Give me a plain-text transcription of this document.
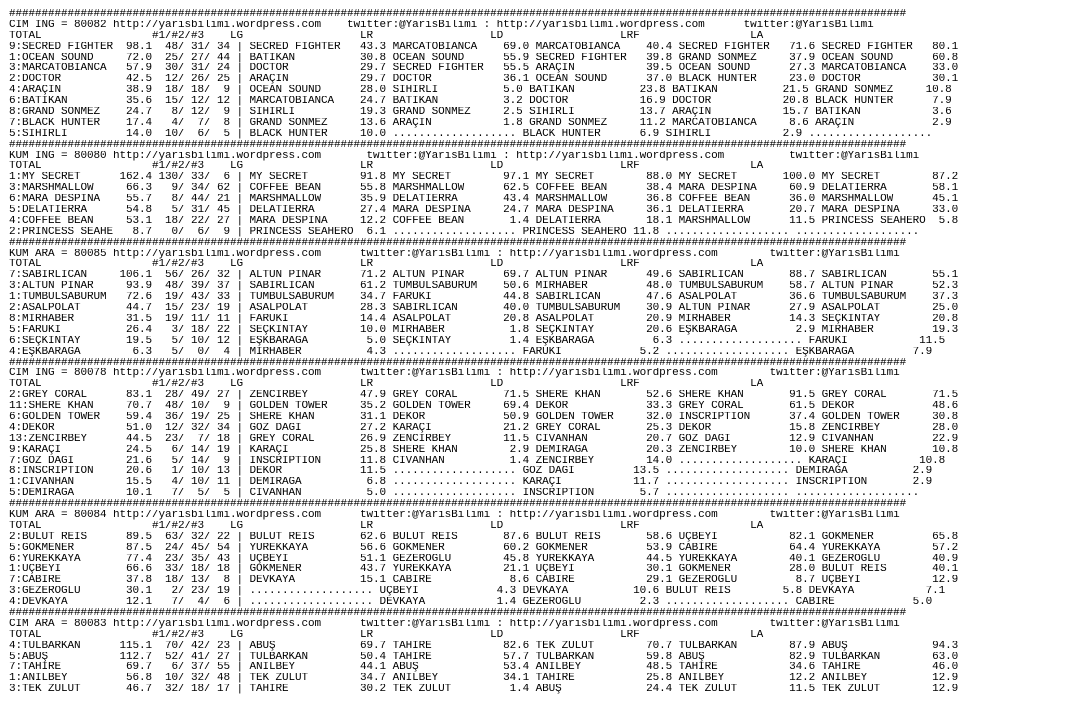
##########################################################################################################################################
CIM ING = 80082 http://yarisbilimi.wordpress.com    twitter:@YarisBilimi : http://yarisbilimi.wordpress.com      twitter:@YarisBilimi
TOTAL                 #1/#2/#3    LG                  LR                  LD                  LRF                 LA
9:SECRED FIGHTER  98.1  48/ 31/ 34 | SECRED FIGHTER   43.3 MARCATOBIANCA    69.0 MARCATOBIANCA    40.4 SECRED FIGHTER   71.6 SECRED FIGHTER   80.1
1:OCEAN SOUND     72.0  25/ 27/ 44 | BATIKAN          30.8 OCEAN SOUND      55.9 SECRED FIGHTER   39.8 GRAND SÖNMEZ     37.9 OCEAN SOUND      60.8
3:MARCATOBIANCA   57.9  30/ 31/ 24 | DOCTOR           29.7 SECRED FIGHTER   55.5 ARAÇIN           39.5 OCEAN SOUND      27.3 MARCATOBIANCA    33.0
2:DOCTOR          42.5  12/ 26/ 25 | ARAÇIN           29.7 DOCTOR           36.1 OCEAN SOUND      37.0 BLACK HUNTER     23.0 DOCTOR           30.1
4:ARAÇIN          38.9  18/ 18/  9 | OCEAN SOUND      28.0 SİHİRLİ          5.0 BATIKAN          23.8 BATIKAN          21.5 GRAND SÖNMEZ     10.8
6:BATIKAN         35.6  15/ 12/ 12 | MARCATOBIANCA    24.7 BATIKAN          3.2 DOCTOR           16.9 DOCTOR           20.8 BLACK HUNTER      7.9
8:GRAND SÖNMEZ    24.7   8/ 12/  9 | SİHİRLİ          19.3 GRAND SÖNMEZ     2.5 SİHİRLİ          13.7 ARAÇIN           15.7 BATIKAN           3.6
7:BLACK HUNTER    17.4   4/  7/  8 | GRAND SÖNMEZ     13.6 ARAÇIN           1.8 GRAND SÖNMEZ     11.2 MARCATOBIANCA     8.6 ARAÇIN            2.9
5:SİHİRLİ         14.0  10/  6/  5 | BLACK HUNTER     10.0 ................... BLACK HUNTER      6.9 SİHİRLİ           2.9 ...................
##########################################################################################################################################
KUM ING = 80080 http://yarisbilimi.wordpress.com       twitter:@YarisBilimi : http://yarisbilimi.wordpress.com          twitter:@YarisBilimi
TOTAL                 #1/#2/#3    LG                  LR                  LD                  LRF                 LA
1:MY SECRET      162.4 130/ 33/  6 | MY SECRET        91.8 MY SECRET        97.1 MY SECRET        88.0 MY SECRET       100.0 MY SECRET        87.2
3:MARSHMALLOW     66.3   9/ 34/ 62 | COFFEE BEAN      55.8 MARSHMALLOW      62.5 COFFEE BEAN      38.4 MARA DESPINA     60.9 DELATIERRA       58.1
6:MARA DESPINA    55.7   8/ 44/ 21 | MARSHMALLOW      35.9 DELATIERRA       43.4 MARSHMALLOW      36.8 COFFEE BEAN      36.0 MARSHMALLOW      45.1
5:DELATIERRA      54.8   5/ 31/ 45 | DELATIERRA       27.4 MARA DESPINA     24.7 MARA DESPINA     36.1 DELATIERRA       20.7 MARA DESPINA     33.0
4:COFFEE BEAN     53.1  18/ 22/ 27 | MARA DESPINA     12.2 COFFEE BEAN       1.4 DELATIERRA       18.1 MARSHMALLOW      11.5 PRINCESS SEAHERO  5.8
2:PRINCESS SEAHE   8.7   0/  6/  9 | PRINCESS SEAHERO  6.1 ................... PRINCESS SEAHERO 11.8 ................... ...................
##########################################################################################################################################
KUM ARA = 80085 http://yarisbilimi.wordpress.com      twitter:@YarisBilimi : http://yarisbilimi.wordpress.com        twitter:@YarisBilimi
TOTAL                 #1/#2/#3    LG                  LR                  LD                  LRF                 LA
7:SABIRLICAN     106.1  56/ 26/ 32 | ALTUN PINAR      71.2 ALTUN PINAR      69.7 ALTUN PINAR      49.6 SABIRLICAN       88.7 SABIRLICAN       55.1
3:ALTUN PINAR     93.9  48/ 39/ 37 | SABIRLICAN       61.2 TUMBULSABURUM    50.6 MIRHABER         48.0 TUMBULSABURUM    58.7 ALTUN PINAR      52.3
1:TUMBULSABURUM   72.6  19/ 43/ 33 | TUMBULSABURUM    34.7 FARUKİ           44.8 SABIRLICAN       47.6 ASALPOLAT        36.6 TUMBULSABURUM    37.3
2:ASALPOLAT       44.7  15/ 23/ 19 | ASALPOLAT        28.3 SABIRLICAN       40.0 TUMBULSABURUM    30.9 ALTUN PINAR      27.9 ASALPOLAT        25.0
8:MIRHABER        31.5  19/ 11/ 11 | FARUKİ           14.4 ASALPOLAT        20.8 ASALPOLAT        20.9 MIRHABER         14.3 SEÇKİNTAY        20.8
5:FARUKİ          26.4   3/ 18/ 22 | SEÇKİNTAY        10.0 MIRHABER          1.8 SEÇKİNTAY        20.6 EŞKBARAĞA         2.9 MIRHABER         19.3
6:SEÇKİNTAY       19.5   5/ 10/ 12 | EŞKBARAĞA         5.0 SEÇKİNTAY         1.4 EŞKBARAĞA         6.3 ................... FARUKİ           11.5
4:EŞKBARAĞA        6.3   5/  0/  4 | MIRHABER          4.3 ................... FARUKİ            5.2 ................... EŞKBARAĞA         7.9
##########################################################################################################################################
CIM ING = 80078 http://yarisbilimi.wordpress.com      twitter:@YarisBilimi : http://yarisbilimi.wordpress.com        twitter:@YarisBilimi
TOTAL                 #1/#2/#3    LG                  LR                  LD                  LRF                 LA
2:GREY CORAL      83.1  28/ 49/ 27 | ZENCİRBEY        47.9 GREY CORAL       71.5 SHERE KHAN       52.6 SHERE KHAN       91.5 GREY CORAL       71.5
11:SHERE KHAN     70.7  48/ 10/  9 | GOLDEN TOWER     35.2 GOLDEN TOWER     69.4 DEKOR            33.3 GREY CORAL       61.5 DEKOR            48.6
6:GOLDEN TOWER    59.4  36/ 19/ 25 | SHERE KHAN       31.1 DEKOR            50.9 GOLDEN TOWER     32.0 INSCRIPTION      37.4 GOLDEN TOWER     30.8
4:DEKOR           51.0  12/ 32/ 34 | GÖZ DAĞI         27.2 KARAÇİ           21.2 GREY CORAL       25.3 DEKOR            15.8 ZENCİRBEY        28.0
13:ZENCİRBEY      44.5  23/  7/ 18 | GREY CORAL       26.9 ZENCİRBEY        11.5 CIVANHAN         20.7 GÖZ DAĞI         12.9 CIVANHAN         22.9
9:KARAÇİ          24.5   6/ 14/ 19 | KARAÇİ           25.8 SHERE KHAN        2.9 DEMİRAĞA         20.3 ZENCİRBEY        10.0 SHERE KHAN       10.8
7:GÖZ DAĞI        21.6   5/ 14/  9 | INSCRIPTION      11.8 CIVANHAN          1.4 ZENCİRBEY        14.0 ................... KARAÇİ           10.8
8:INSCRIPTION     20.6   1/ 10/ 13 | DEKOR            11.5 ................... GÖZ DAĞI         13.5 ................... DEMİRAĞA          2.9
1:CIVANHAN        15.5   4/ 10/ 11 | DEMİRAĞA          6.8 ................... KARAÇİ           11.7 ................... INSCRIPTION       2.9
5:DEMİRAĞA        10.1   7/  5/  5 | CIVANHAN          5.0 ................... INSCRIPTION       5.7 ................... ...................
##########################################################################################################################################
KUM ARA = 80084 http://yarisbilimi.wordpress.com      twitter:@YarisBilimi : http://yarisbilimi.wordpress.com        twitter:@YarisBilimi
TOTAL                 #1/#2/#3    LG                  LR                  LD                  LRF                 LA
2:BULUT REİS      89.5  63/ 32/ 22 | BULUT REİS       62.6 BULUT REİS       87.6 BULUT REİS       58.6 UÇBEYİ           82.1 GÖKMENER         65.8
5:GÖKMENER        87.5  24/ 45/ 54 | YÜREKKAYA        56.6 GÖKMENER         60.2 GÖKMENER         53.9 CABİRE           64.4 YÜREKKAYA        57.2
6:YÜREKKAYA       77.4  23/ 35/ 43 | UÇBEYİ           51.1 GEZEROĞLU        45.8 YÜREKKAYA        44.5 YÜREKKAYA        40.1 GEZEROĞLU        40.9
1:UÇBEYİ          66.6  33/ 18/ 18 | GÖKMENER         43.7 YÜREKKAYA        21.1 UÇBEYİ           30.1 GÖKMENER         28.0 BULUT REİS       40.1
7:CABİRE          37.8  18/ 13/  8 | DEVKAYA          15.1 CABİRE            8.6 CABİRE           29.1 GEZEROĞLU         8.7 UÇBEYİ           12.9
3:GEZEROĞLU       30.1   2/ 23/ 19 | ................... UÇBEYİ            4.3 DEVKAYA          10.6 BULUT REİS        5.8 DEVKAYA           7.1
4:DEVKAYA         12.1   7/  4/  6 | ................... DEVKAYA           1.4 GEZEROĞLU         2.3 ................... CABİRE            5.0
##########################################################################################################################################
CIM ARA = 80083 http://yarisbilimi.wordpress.com      twitter:@YarisBilimi : http://yarisbilimi.wordpress.com        twitter:@YarisBilimi
TOTAL                 #1/#2/#3    LG                  LR                  LD                  LRF                 LA
4:TULBARKAN      115.1  70/ 42/ 23 | ABUŞ             69.7 TAHİRE           82.6 TEK ZULUT        70.7 TULBARKAN        87.9 ABUŞ             94.3
5:ABUŞ           112.7  52/ 41/ 27 | TULBARKAN        50.4 TAHİRE           57.7 TULBARKAN        59.8 ABUŞ             82.9 TULBARKAN        63.0
7:TAHİRE          69.7   6/ 37/ 55 | ANILBEY          44.1 ABUŞ             53.4 ANILBEY          48.5 TAHİRE           34.6 TAHİRE           46.0
1:ANILBEY         56.8  10/ 32/ 48 | TEK ZULUT        34.7 ANILBEY          34.1 TAHİRE           25.8 ANILBEY          12.2 ANILBEY          12.9
3:TEK ZULUT       46.7  32/ 18/ 17 | TAHİRE           30.2 TEK ZULUT         1.4 ABUŞ             24.4 TEK ZULUT        11.5 TEK ZULUT        12.9
